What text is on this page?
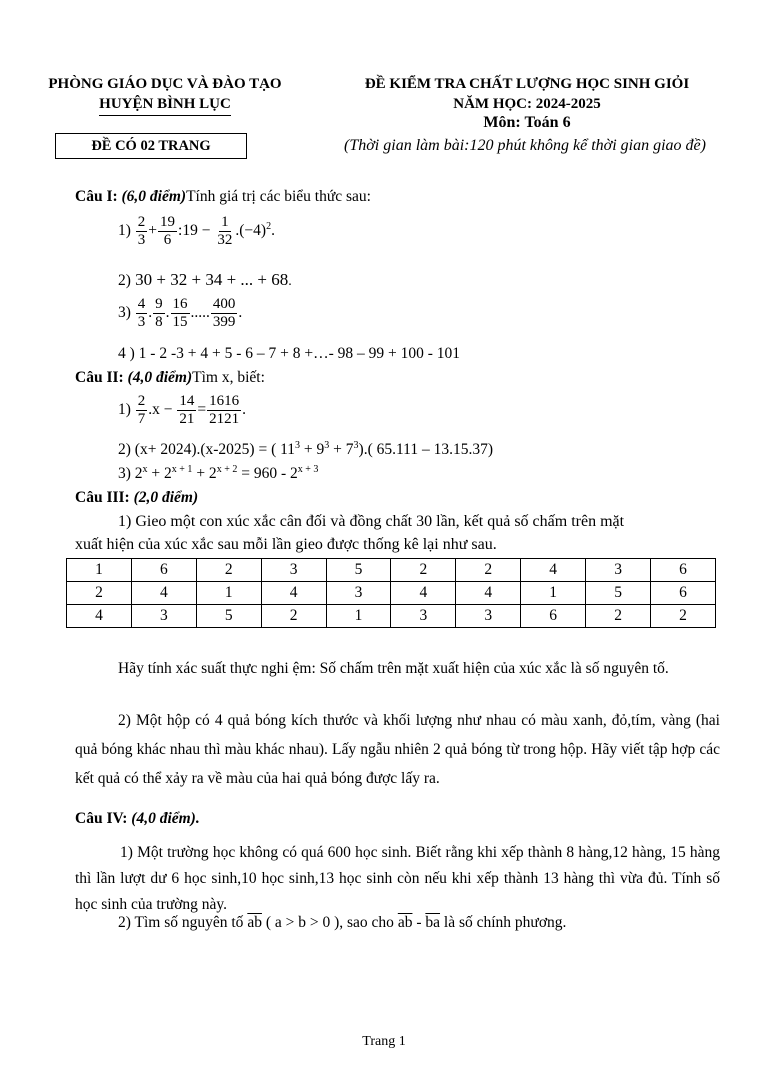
PHÒNG GIÁO DỤC VÀ ĐÀO TẠO
HUYỆN BÌNH LỤC
ĐỀ KIỂM TRA CHẤT LƯỢNG HỌC SINH GIỎI
NĂM HỌC: 2024-2025
Môn: Toán 6
ĐỀ CÓ 02 TRANG	(Thời gian làm bài:120 phút không kể thời gian giao đề)
Câu I: (6,0 điểm)Tính giá trị các biểu thức sau:
$1) \frac{2}{3} + \frac{19}{6}$ :19 − $\frac{1}{32} .(-4)^2$.
2) 30 + 32 + 34 + ... + 68.
$3) \frac{4}{3}$ . $\frac{9}{8}$ . $\frac{16}{15}$ ..... $\frac{400}{399}$ .
4 ) 1 - 2 -3 + 4 + 5 - 6 – 7 + 8 +…- 98 – 99 + 100 - 101
Câu II: (4,0 điểm)Tìm x, biết:
$1) \frac{2}{7} .x - \frac{14}{21} = \frac{1616}{2121}$ .
2) (x+ 2024).(x-2025) = ( $11^3 + 9^3 + 7^3$).( 65.111 – 13.15.37)
3) $2^x + 2^{x + 1} + 2^{x + 2} = 960 - 2^{x + 3}$
Câu III: (2,0 điểm)
1) Gieo một con xúc xắc cân đối và đồng chất 30 lần, kết quả số chấm trên mặt
xuất hiện của xúc xắc sau mỗi lần gieo được thống kê lại như sau.
1	6	2	3	5	2	2	4	3	6
2	4	1	4	3	4	4	1	5	6
4	3	5	2	1	3	3	6	2	2
Hãy tính xác suất thực nghi ệm: Số chấm trên mặt xuất hiện của xúc xắc là số nguyên tố.
2) Một hộp có 4 quả bóng kích thước và khối lượng như nhau có màu xanh, đỏ,tím, vàng (hai quả bóng khác nhau thì màu khác nhau). Lấy ngẫu nhiên 2 quả bóng từ trong hộp. Hãy viết tập hợp các kết quả có thể xảy ra về màu của hai quả bóng được lấy ra.
Câu IV: (4,0 điểm).
1) Một trường học không có quá 600 học sinh. Biết rằng khi xếp thành 8 hàng,12 hàng, 15 hàng thì lần lượt dư 6 học sinh,10 học sinh,13 học sinh còn nếu khi xếp thành 13 hàng thì vừa đủ. Tính số học sinh của trường này.
2) Tìm số nguyên tố $\overline{ab}$ ( a > b > 0 ), sao cho $\overline{ab} - \overline{ba}$ là số chính phương.
Trang 1
